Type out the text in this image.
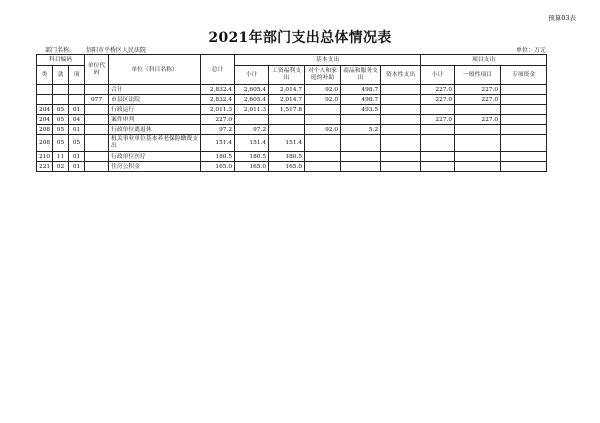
预算03表
2021年部门支出总体情况表
部门名称: 信阳市平桥区人民法院	单位：万元
科目编码			单位代码	单位（科目名称）	总计	基本支出					项目支出		
类	款	项				小计	工资福利支出	对个人和家庭的补助	商品和服务支出	资本性支出	小计	一般性项目	专项资金
				合计	2,832.4	2,605.4	2,014.7	92.0	498.7		227.0	227.0	
			077	市县区法院	2,832.4	2,605.4	2,014.7	92.0	498.7		227.0	227.0	
204	05	01		行政运行	2,011.3	2,011.3	1,517.8		493.5				
204	05	04		案件审判	227.0						227.0	227.0	
208	05	01		行政单位离退休	97.2	97.2		92.0	5.2				
208	05	05		机关事业单位基本养老保险缴费支出	151.4	151.4	151.4						
210	11	01		行政单位医疗	180.5	180.5	180.5						
221	02	01		住房公积金	165.0	165.0	165.0						
